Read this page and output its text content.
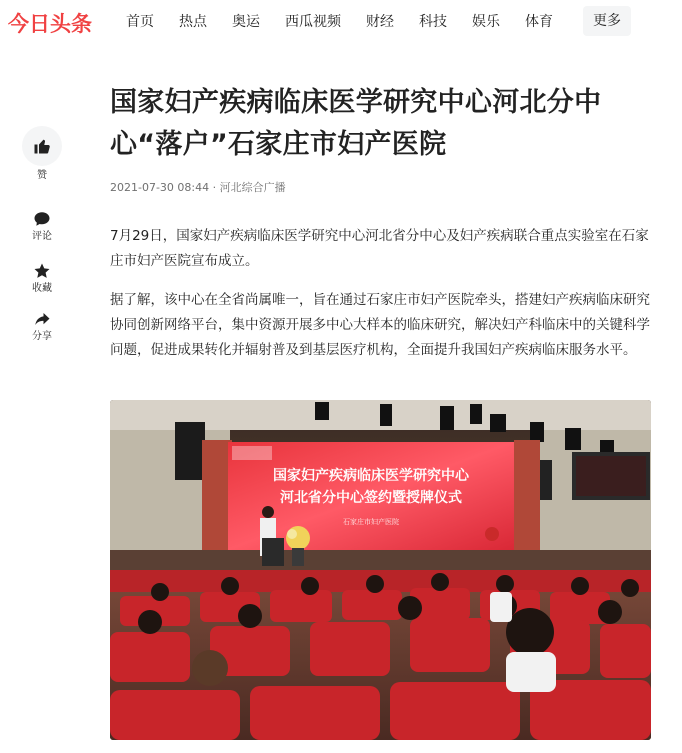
今日头条 首页 热点 奥运 西瓜视频 财经 科技 娱乐 体育	更多
赞
评论
收藏
分享
国家妇产疾病临床医学研究中心河北分中心“落户”石家庄市妇产医院
2021-07-30 08:44 · 河北综合广播

7月29日，国家妇产疾病临床医学研究中心河北省分中心及妇产疾病联合重点实验室在石家庄市妇产医院宣布成立。

据了解，该中心在全省尚属唯一，旨在通过石家庄市妇产医院牵头，搭建妇产疾病临床研究协同创新网络平台，集中资源开展多中心大样本的临床研究，解决妇产科临床中的关键科学问题，促进成果转化并辐射普及到基层医疗机构，全面提升我国妇产疾病临床服务水平。

国家妇产疾病临床医学研究中心
河北省分中心签约暨授牌仪式
石家庄市妇产医院
